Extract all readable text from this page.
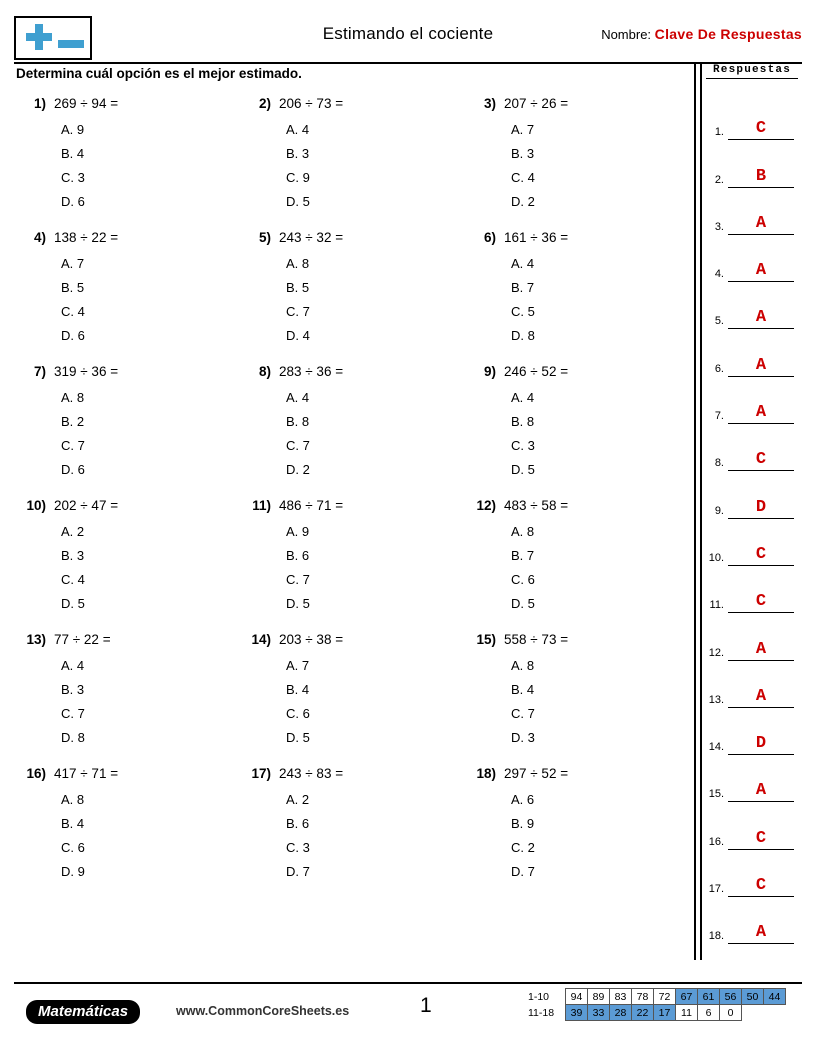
Estimando el cociente	Nombre: Clave De Respuestas
Determina cuál opción es el mejor estimado.
1) 269 ÷ 94 =
A. 9
B. 4
C. 3
D. 6
2) 206 ÷ 73 =
A. 4
B. 3
C. 9
D. 5
3) 207 ÷ 26 =
A. 7
B. 3
C. 4
D. 2
4) 138 ÷ 22 =
A. 7
B. 5
C. 4
D. 6
5) 243 ÷ 32 =
A. 8
B. 5
C. 7
D. 4
6) 161 ÷ 36 =
A. 4
B. 7
C. 5
D. 8
7) 319 ÷ 36 =
A. 8
B. 2
C. 7
D. 6
8) 283 ÷ 36 =
A. 4
B. 8
C. 7
D. 2
9) 246 ÷ 52 =
A. 4
B. 8
C. 3
D. 5
10) 202 ÷ 47 =
A. 2
B. 3
C. 4
D. 5
11) 486 ÷ 71 =
A. 9
B. 6
C. 7
D. 5
12) 483 ÷ 58 =
A. 8
B. 7
C. 6
D. 5
13) 77 ÷ 22 =
A. 4
B. 3
C. 7
D. 8
14) 203 ÷ 38 =
A. 7
B. 4
C. 6
D. 5
15) 558 ÷ 73 =
A. 8
B. 4
C. 7
D. 3
16) 417 ÷ 71 =
A. 8
B. 4
C. 6
D. 9
17) 243 ÷ 83 =
A. 2
B. 6
C. 3
D. 7
18) 297 ÷ 52 =
A. 6
B. 9
C. 2
D. 7
Respuestas
1.	C
2.	B
3.	A
4.	A
5.	A
6.	A
7.	A
8.	C
9.	D
10.	C
11.	C
12.	A
13.	A
14.	D
15.	A
16.	C
17.	C
18.	A
Matemáticas	www.CommonCoreSheets.es	1	1-10	94	89	83	78	72	67	61	56	50	44
11-18	39	33	28	22	17	11	6	0		
